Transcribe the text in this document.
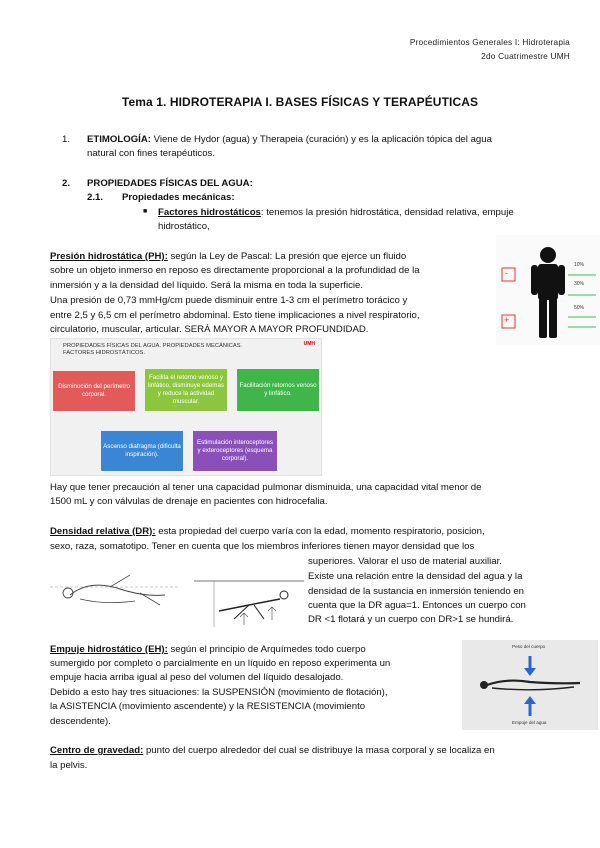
Procedimientos Generales I: Hidroterapia
2do Cuatrimestre UMH
Tema 1. HIDROTERAPIA I. BASES FÍSICAS Y TERAPÉUTICAS
1. ETIMOLOGÍA: Viene de Hydor (agua) y Therapeia (curación) y es la aplicación tópica del agua
natural con fines terapéuticos.
2. PROPIEDADES FÍSICAS DEL AGUA:
2.1. Propiedades mecánicas:
■ Factores hidrostáticos: tenemos la presión hidrostática, densidad relativa, empuje
hidrostático,
Presión hidrostática (PH): según la Ley de Pascal: La presión que ejerce un fluido
sobre un objeto inmerso en reposo es directamente proporcional a la profundidad de la
inmersión y a la densidad del líquido. Será la misma en toda la superficie.
Una presión de 0,73 mmHg/cm puede disminuir entre 1-3 cm el perímetro torácico y
entre 2,5 y 6,5 cm el perímetro abdominal. Esto tiene implicaciones a nivel respiratorio,
circulatorio, muscular, articular. SERÁ MAYOR A MAYOR PROFUNDIDAD.
-
+
10%
30%
50%
PROPIEDADES FÍSICAS DEL AGUA. PROPIEDADES MECÁNICAS.
FACTORES HIDROSTÁTICOS.
UMH
Disminución del perímetro corporal.
Facilita el retorno venoso y linfático, disminuye edemas y reduce la actividad muscular.
Facilitación retornos venoso y linfático.
Ascenso diafragma (dificulta inspiración).
Estimulación interoceptores y exteroceptores (esquema corporal).
Hay que tener precaución al tener una capacidad pulmonar disminuida, una capacidad vital menor de
1500 mL y con válvulas de drenaje en pacientes con hidrocefalia.
Densidad relativa (DR): esta propiedad del cuerpo varía con la edad, momento respiratorio, posicion,
sexo, raza, somatotipo. Tener en cuenta que los miembros inferiores tienen mayor densidad que los
superiores. Valorar el uso de material auxiliar.
Existe una relación entre la densidad del agua y la
densidad de la sustancia en inmersión teniendo en
cuenta que la DR agua=1. Entonces un cuerpo con
DR <1 flotará y un cuerpo con DR>1 se hundirá.
Empuje hidrostático (EH): según el principio de Arquímedes todo cuerpo
sumergido por completo o parcialmente en un líquido en reposo experimenta un
empuje hacia arriba igual al peso del volumen del líquido desalojado.
Debido a esto hay tres situaciones: la SUSPENSIÓN (movimiento de flotación),
la ASISTENCIA (movimiento ascendente) y la RESISTENCIA (movimiento
descendente).
Peso del cuerpo
Empuje del agua
Centro de gravedad: punto del cuerpo alrededor del cual se distribuye la masa corporal y se localiza en
la pelvis.
